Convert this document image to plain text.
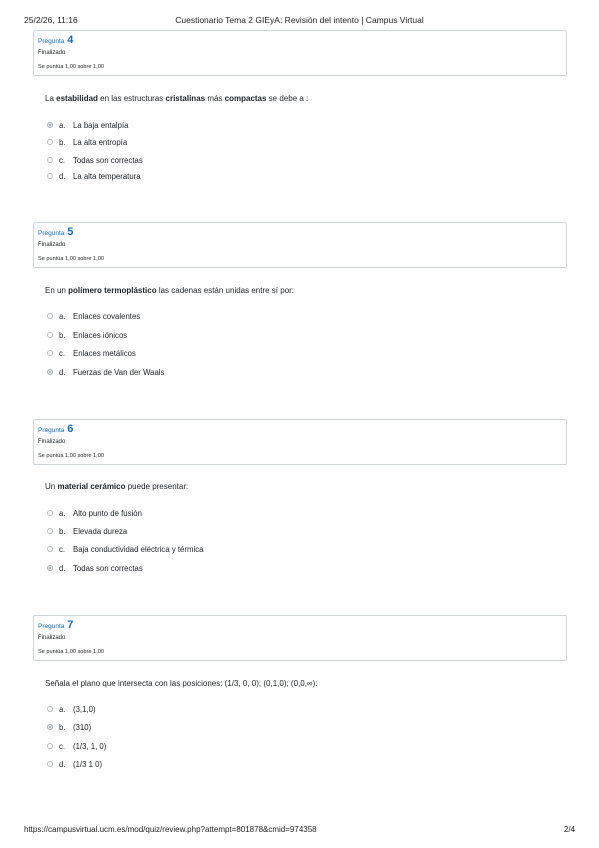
25/2/26, 11:16	Cuestionario Tema 2 GIEyA: Revisión del intento | Campus Virtual
Pregunta 4
Finalizado
Se puntúa 1,00 sobre 1,00
La estabilidad en las estructuras cristalinas más compactas se debe a :
a. La baja entalpía
b. La alta entropía
c. Todas son correctas
d. La alta temperatura
Pregunta 5
Finalizado
Se puntúa 1,00 sobre 1,00
En un polímero termoplástico las cadenas están unidas entre sí por:
a. Enlaces covalentes
b. Enlaces iónicos
c. Enlaces metálicos
d. Fuerzas de Van der Waals
Pregunta 6
Finalizado
Se puntúa 1,00 sobre 1,00
Un material cerámico puede presentar:
a. Alto punto de fusión
b. Elevada dureza
c. Baja conductividad eléctrica y térmica
d. Todas son correctas
Pregunta 7
Finalizado
Se puntúa 1,00 sobre 1,00
Señala el plano que intersecta con las posiciones: (1/3, 0, 0); (0,1,0); (0,0,∞):
a. (3,1,0)
b. (310)
c. (1/3, 1, 0)
d. (1/3 1 0)
https://campusvirtual.ucm.es/mod/quiz/review.php?attempt=801878&cmid=974358	2/4
